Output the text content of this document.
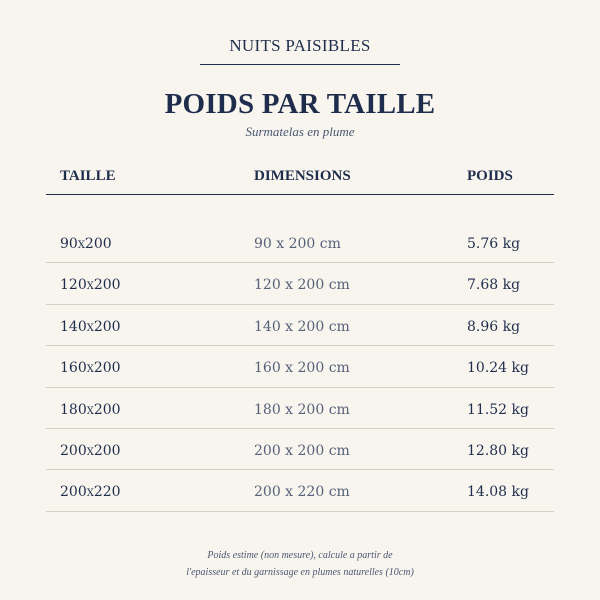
NUITS PAISIBLES
POIDS PAR TAILLE
Surmatelas en plume
TAILLE	DIMENSIONS	POIDS
90x200	90 x 200 cm	5.76 kg
120x200	120 x 200 cm	7.68 kg
140x200	140 x 200 cm	8.96 kg
160x200	160 x 200 cm	10.24 kg
180x200	180 x 200 cm	11.52 kg
200x200	200 x 200 cm	12.80 kg
200x220	200 x 220 cm	14.08 kg
Poids estime (non mesure), calcule a partir de
l'epaisseur et du garnissage en plumes naturelles (10cm)
